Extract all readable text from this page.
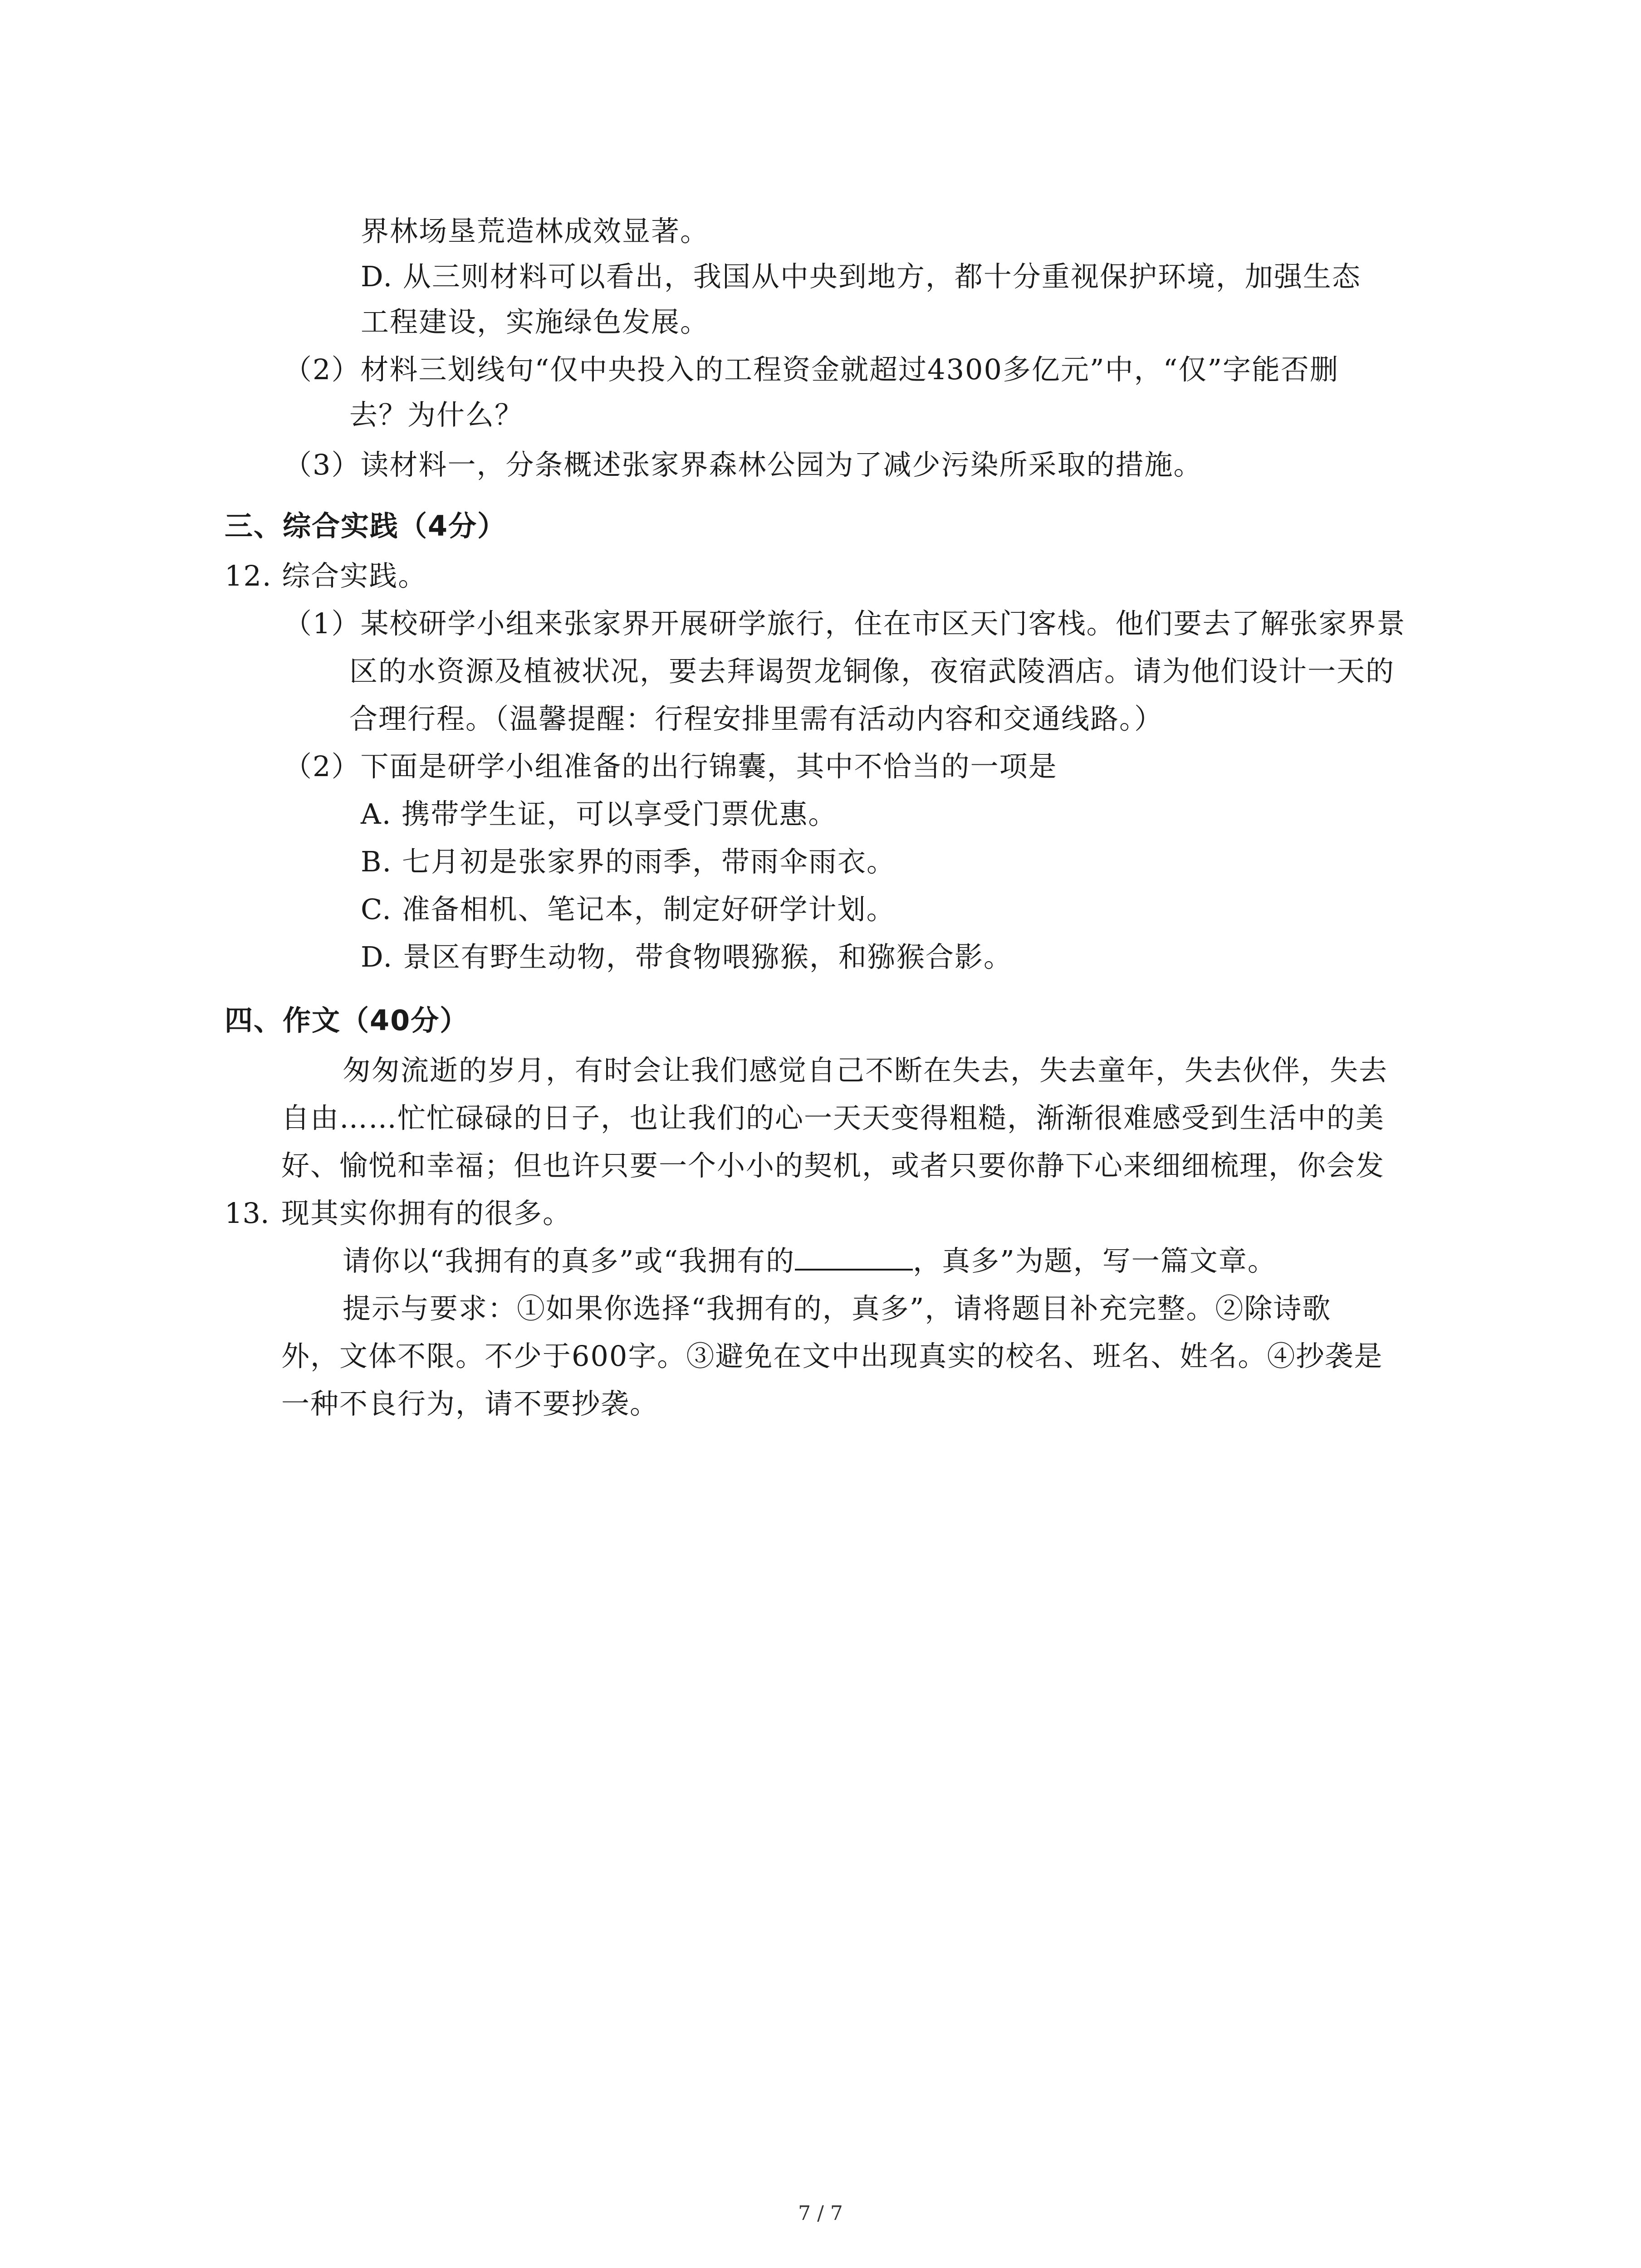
界林场垦荒造林成效显著。
D. 从三则材料可以看出，我国从中央到地方，都十分重视保护环境，加强生态
工程建设，实施绿色发展。
（2）材料三划线句“仅中央投入的工程资金就超过4300多亿元”中，“仅”字能否删
去？为什么？
（3）读材料一，分条概述张家界森林公园为了减少污染所采取的措施。
三、综合实践（4分）
12. 综合实践。
（1）某校研学小组来张家界开展研学旅行，住在市区天门客栈。他们要去了解张家界景
区的水资源及植被状况，要去拜谒贺龙铜像，夜宿武陵酒店。请为他们设计一天的
合理行程。（温馨提醒：行程安排里需有活动内容和交通线路。）
（2）下面是研学小组准备的出行锦囊，其中不恰当的一项是
A. 携带学生证，可以享受门票优惠。
B. 七月初是张家界的雨季，带雨伞雨衣。
C. 准备相机、笔记本，制定好研学计划。
D. 景区有野生动物，带食物喂猕猴，和猕猴合影。
四、作文（40分）
匆匆流逝的岁月，有时会让我们感觉自己不断在失去，失去童年，失去伙伴，失去
自由……忙忙碌碌的日子，也让我们的心一天天变得粗糙，渐渐很难感受到生活中的美
好、愉悦和幸福；但也许只要一个小小的契机，或者只要你静下心来细细梳理，你会发
13. 现其实你拥有的很多。
请你以“我拥有的真多”或“我拥有的	，真多”为题，写一篇文章。
提示与要求：①如果你选择“我拥有的，真多”，请将题目补充完整。②除诗歌
外，文体不限。不少于600字。③避免在文中出现真实的校名、班名、姓名。④抄袭是
一种不良行为，请不要抄袭。
7 / 7
